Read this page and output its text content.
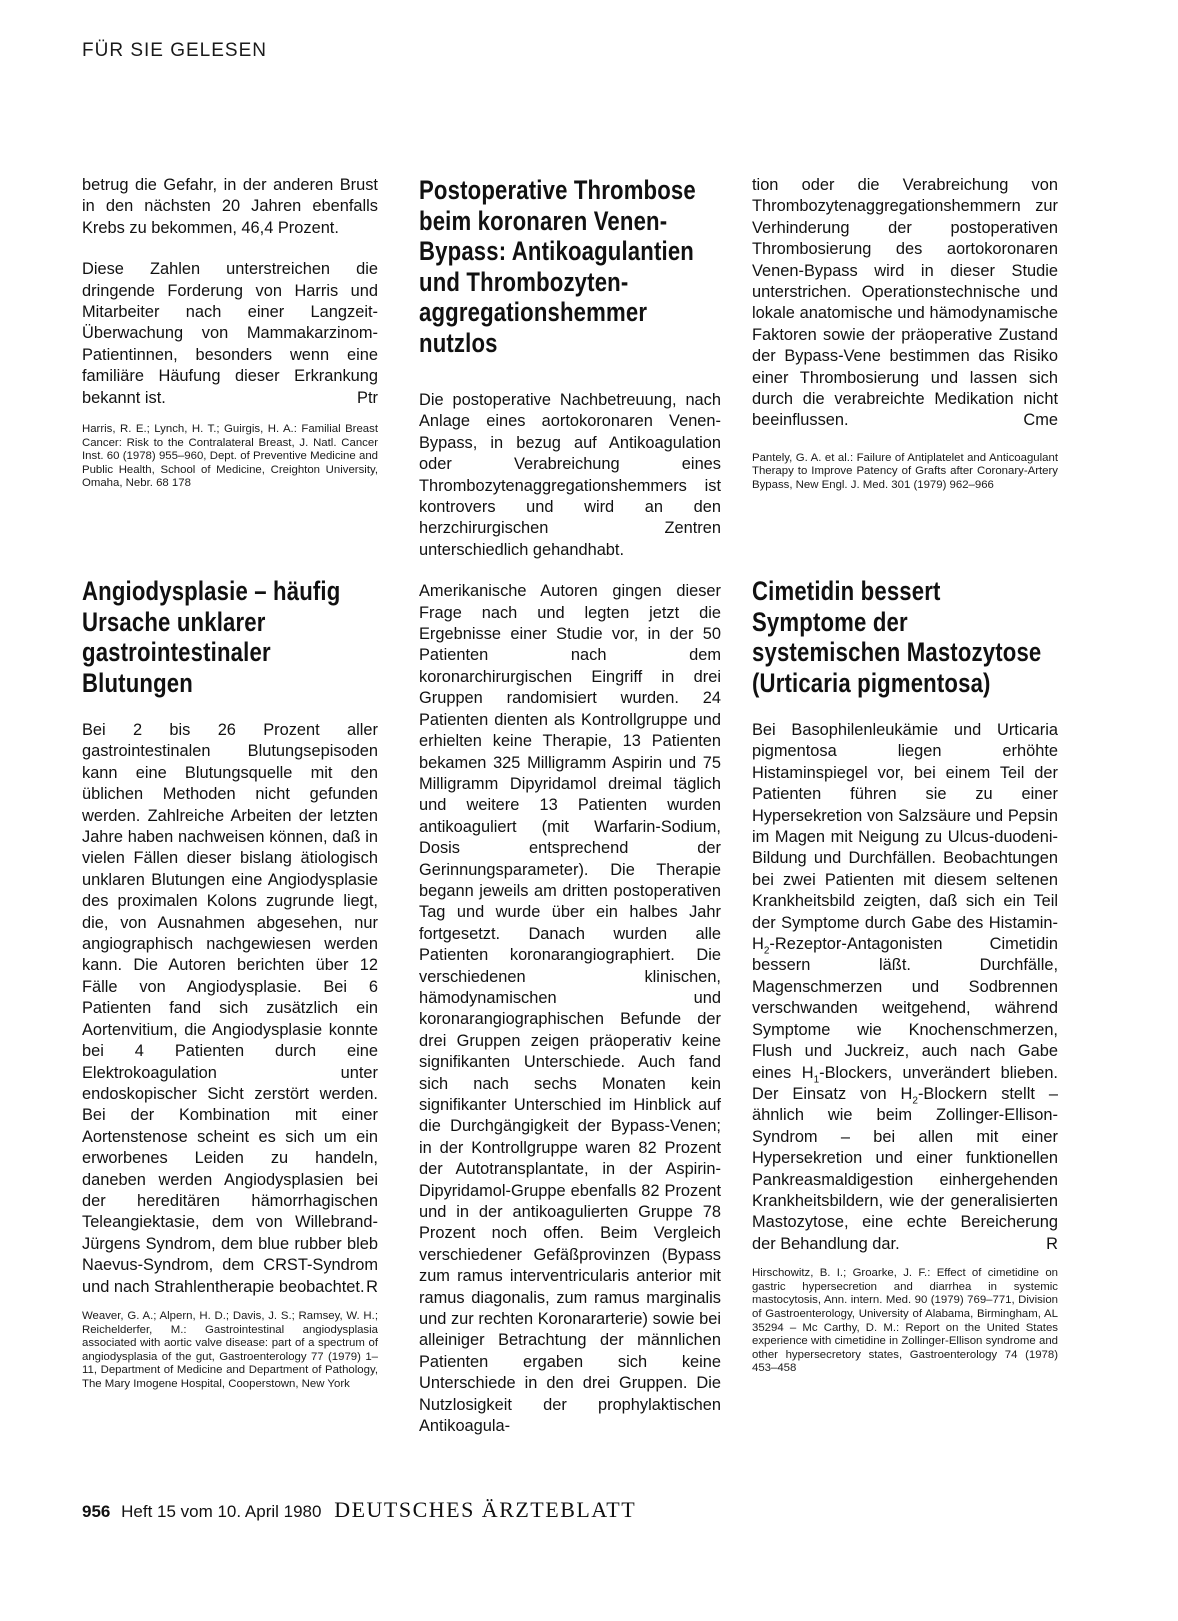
FÜR SIE GELESEN

betrug die Gefahr, in der anderen Brust in den nächsten 20 Jahren ebenfalls Krebs zu bekommen, 46,4 Prozent.

Diese Zahlen unterstreichen die dringende Forderung von Harris und Mitarbeiter nach einer Langzeit-Überwachung von Mammakarzinom-Patientinnen, besonders wenn eine familiäre Häufung dieser Erkrankung bekannt ist.	Ptr

Harris, R. E.; Lynch, H. T.; Guirgis, H. A.: Familial Breast Cancer: Risk to the Contralateral Breast, J. Natl. Cancer Inst. 60 (1978) 955–960, Dept. of Preventive Medicine and Public Health, School of Medicine, Creighton University, Omaha, Nebr. 68 178

Angiodysplasie – häufig Ursache unklarer gastrointestinaler Blutungen

Bei 2 bis 26 Prozent aller gastrointestinalen Blutungsepisoden kann eine Blutungsquelle mit den üblichen Methoden nicht gefunden werden. Zahlreiche Arbeiten der letzten Jahre haben nachweisen können, daß in vielen Fällen dieser bislang ätiologisch unklaren Blutungen eine Angiodysplasie des proximalen Kolons zugrunde liegt, die, von Ausnahmen abgesehen, nur angiographisch nachgewiesen werden kann. Die Autoren berichten über 12 Fälle von Angiodysplasie. Bei 6 Patienten fand sich zusätzlich ein Aortenvitium, die Angiodysplasie konnte bei 4 Patienten durch eine Elektrokoagulation unter endoskopischer Sicht zerstört werden. Bei der Kombination mit einer Aortenstenose scheint es sich um ein erworbenes Leiden zu handeln, daneben werden Angiodysplasien bei der hereditären hämorrhagischen Teleangiektasie, dem von Willebrand-Jürgens Syndrom, dem blue rubber bleb Naevus-Syndrom, dem CRST-Syndrom und nach Strahlentherapie beobachtet. R

Weaver, G. A.; Alpern, H. D.; Davis, J. S.; Ramsey, W. H.; Reichelderfer, M.: Gastrointestinal angiodysplasia associated with aortic valve disease: part of a spectrum of angiodysplasia of the gut, Gastroenterology 77 (1979) 1–11, Department of Medicine and Department of Pathology, The Mary Imogene Hospital, Cooperstown, New York

Postoperative Thrombose beim koronaren Venen-Bypass: Antikoagulantien und Thrombozyten-aggregationshemmer nutzlos

Die postoperative Nachbetreuung, nach Anlage eines aortokoronaren Venen-Bypass, in bezug auf Antikoagulation oder Verabreichung eines Thrombozytenaggregationshemmers ist kontrovers und wird an den herzchirurgischen Zentren unterschiedlich gehandhabt.

Amerikanische Autoren gingen dieser Frage nach und legten jetzt die Ergebnisse einer Studie vor, in der 50 Patienten nach dem koronarchirurgischen Eingriff in drei Gruppen randomisiert wurden. 24 Patienten dienten als Kontrollgruppe und erhielten keine Therapie, 13 Patienten bekamen 325 Milligramm Aspirin und 75 Milligramm Dipyridamol dreimal täglich und weitere 13 Patienten wurden antikoaguliert (mit Warfarin-Sodium, Dosis entsprechend der Gerinnungsparameter). Die Therapie begann jeweils am dritten postoperativen Tag und wurde über ein halbes Jahr fortgesetzt. Danach wurden alle Patienten koronarangiographiert. Die verschiedenen klinischen, hämodynamischen und koronarangiographischen Befunde der drei Gruppen zeigen präoperativ keine signifikanten Unterschiede. Auch fand sich nach sechs Monaten kein signifikanter Unterschied im Hinblick auf die Durchgängigkeit der Bypass-Venen; in der Kontrollgruppe waren 82 Prozent der Autotransplantate, in der Aspirin-Dipyridamol-Gruppe ebenfalls 82 Prozent und in der antikoagulierten Gruppe 78 Prozent noch offen. Beim Vergleich verschiedener Gefäßprovinzen (Bypass zum ramus interventricularis anterior mit ramus diagonalis, zum ramus marginalis und zur rechten Koronararterie) sowie bei alleiniger Betrachtung der männlichen Patienten ergaben sich keine Unterschiede in den drei Gruppen. Die Nutzlosigkeit der prophylaktischen Antikoagula-

tion oder die Verabreichung von Thrombozytenaggregationshemmern zur Verhinderung der postoperativen Thrombosierung des aortokoronaren Venen-Bypass wird in dieser Studie unterstrichen. Operationstechnische und lokale anatomische und hämodynamische Faktoren sowie der präoperative Zustand der Bypass-Vene bestimmen das Risiko einer Thrombosierung und lassen sich durch die verabreichte Medikation nicht beeinflussen.	Cme

Pantely, G. A. et al.: Failure of Antiplatelet and Anticoagulant Therapy to Improve Patency of Grafts after Coronary-Artery Bypass, New Engl. J. Med. 301 (1979) 962–966

Cimetidin bessert Symptome der systemischen Mastozytose (Urticaria pigmentosa)

Bei Basophilenleukämie und Urticaria pigmentosa liegen erhöhte Histaminspiegel vor, bei einem Teil der Patienten führen sie zu einer Hypersekretion von Salzsäure und Pepsin im Magen mit Neigung zu Ulcus-duodeni-Bildung und Durchfällen. Beobachtungen bei zwei Patienten mit diesem seltenen Krankheitsbild zeigten, daß sich ein Teil der Symptome durch Gabe des Histamin-$H_2-Rezeptor$-Antagonisten Cimetidin bessern läßt. Durchfälle, Magenschmerzen und Sodbrennen verschwanden weitgehend, während Symptome wie Knochenschmerzen, Flush und Juckreiz, auch nach Gabe eines $H_1$-Blockers, unverändert blieben. Der Einsatz von $H_2$-Blockern stellt – ähnlich wie beim Zollinger-Ellison-Syndrom – bei allen mit einer Hypersekretion und einer funktionellen Pankreasmaldigestion einhergehenden Krankheitsbildern, wie der generalisierten Mastozytose, eine echte Bereicherung der Behandlung dar.	R

Hirschowitz, B. I.; Groarke, J. F.: Effect of cimetidine on gastric hypersecretion and diarrhea in systemic mastocytosis, Ann. intern. Med. 90 (1979) 769–771, Division of Gastroenterology, University of Alabama, Birmingham, AL 35294 – Mc Carthy, D. M.: Report on the United States experience with cimetidine in Zollinger-Ellison syndrome and other hypersecretory states, Gastroenterology 74 (1978) 453–458

956 Heft 15 vom 10. April 1980 DEUTSCHES ÄRZTEBLATT
